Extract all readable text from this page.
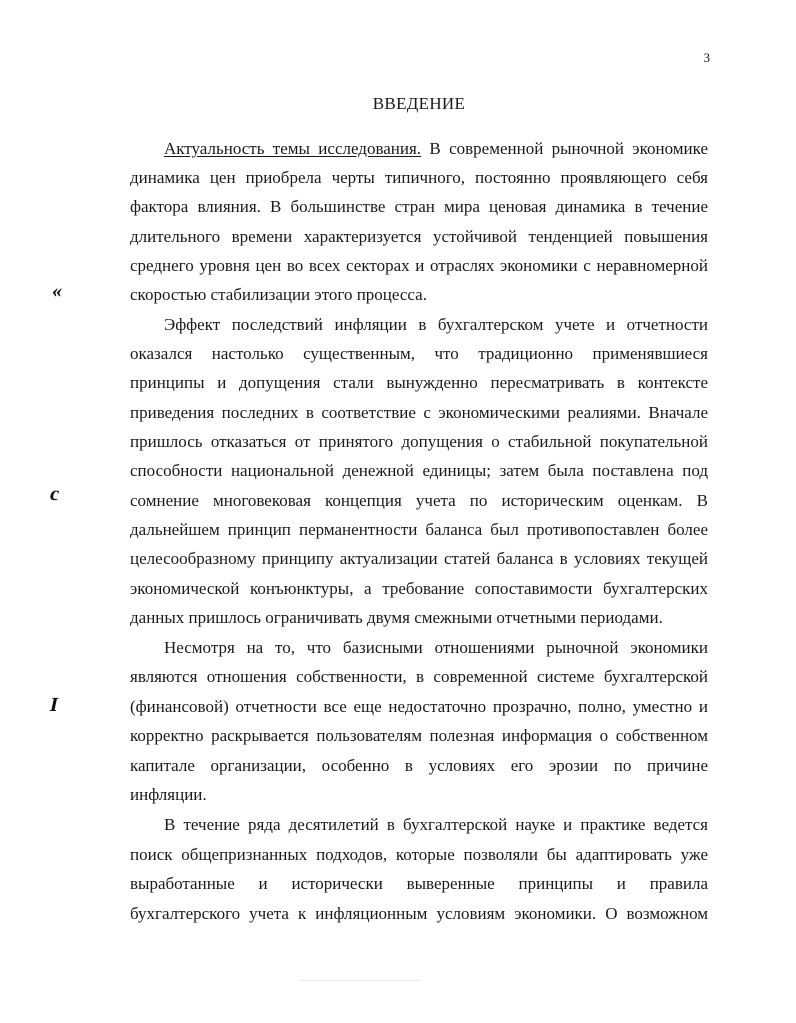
3
ВВЕДЕНИЕ
Актуальность темы исследования. В современной рыночной экономике
динамика цен приобрела черты типичного, постоянно проявляющего себя
фактора влияния. В большинстве стран мира ценовая динамика в течение
длительного времени характеризуется устойчивой тенденцией повышения
среднего уровня цен во всех секторах и отраслях экономики с неравномерной
скоростью стабилизации этого процесса.
Эффект последствий инфляции в бухгалтерском учете и отчетности
оказался настолько существенным, что традиционно применявшиеся
принципы и допущения стали вынужденно пересматривать в контексте
приведения последних в соответствие с экономическими реалиями. Вначале
пришлось отказаться от принятого допущения о стабильной покупательной
способности национальной денежной единицы; затем была поставлена под
сомнение многовековая концепция учета по историческим оценкам. В
дальнейшем принцип перманентности баланса был противопоставлен более
целесообразному принципу актуализации статей баланса в условиях текущей
экономической конъюнктуры, а требование сопоставимости бухгалтерских
данных пришлось ограничивать двумя смежными отчетными периодами.
Несмотря на то, что базисными отношениями рыночной экономики
являются отношения собственности, в современной системе бухгалтерской
(финансовой) отчетности все еще недостаточно прозрачно, полно, уместно и
корректно раскрывается пользователям полезная информация о собственном
капитале организации, особенно в условиях его эрозии по причине
инфляции.
В течение ряда десятилетий в бухгалтерской науке и практике ведется
поиск общепризнанных подходов, которые позволяли бы адаптировать уже
выработанные и исторически выверенные принципы и правила
бухгалтерского учета к инфляционным условиям экономики. О возможном
«
с
I
